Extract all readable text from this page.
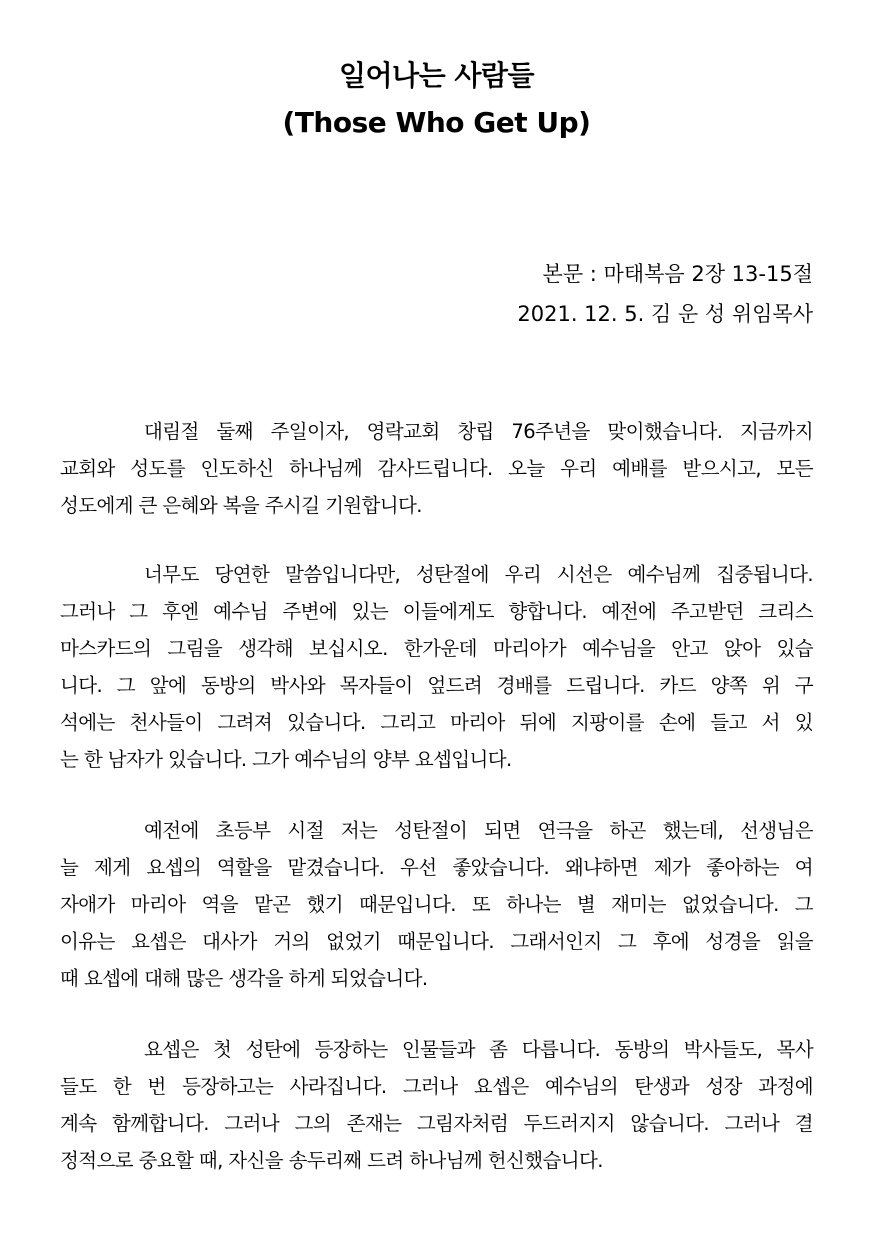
일어나는 사람들
(Those Who Get Up)
본문 : 마태복음 2장 13-15절
2021. 12. 5. 김 운 성 위임목사
대림절 둘째 주일이자, 영락교회 창립 76주년을 맞이했습니다. 지금까지
교회와 성도를 인도하신 하나님께 감사드립니다. 오늘 우리 예배를 받으시고, 모든
성도에게 큰 은혜와 복을 주시길 기원합니다.
너무도 당연한 말씀입니다만, 성탄절에 우리 시선은 예수님께 집중됩니다.
그러나 그 후엔 예수님 주변에 있는 이들에게도 향합니다. 예전에 주고받던 크리스
마스카드의 그림을 생각해 보십시오. 한가운데 마리아가 예수님을 안고 앉아 있습
니다. 그 앞에 동방의 박사와 목자들이 엎드려 경배를 드립니다. 카드 양쪽 위 구
석에는 천사들이 그려져 있습니다. 그리고 마리아 뒤에 지팡이를 손에 들고 서 있
는 한 남자가 있습니다. 그가 예수님의 양부 요셉입니다.
예전에 초등부 시절 저는 성탄절이 되면 연극을 하곤 했는데, 선생님은
늘 제게 요셉의 역할을 맡겼습니다. 우선 좋았습니다. 왜냐하면 제가 좋아하는 여
자애가 마리아 역을 맡곤 했기 때문입니다. 또 하나는 별 재미는 없었습니다. 그
이유는 요셉은 대사가 거의 없었기 때문입니다. 그래서인지 그 후에 성경을 읽을
때 요셉에 대해 많은 생각을 하게 되었습니다.
요셉은 첫 성탄에 등장하는 인물들과 좀 다릅니다. 동방의 박사들도, 목사
들도 한 번 등장하고는 사라집니다. 그러나 요셉은 예수님의 탄생과 성장 과정에
계속 함께합니다. 그러나 그의 존재는 그림자처럼 두드러지지 않습니다. 그러나 결
정적으로 중요할 때, 자신을 송두리째 드려 하나님께 헌신했습니다.
